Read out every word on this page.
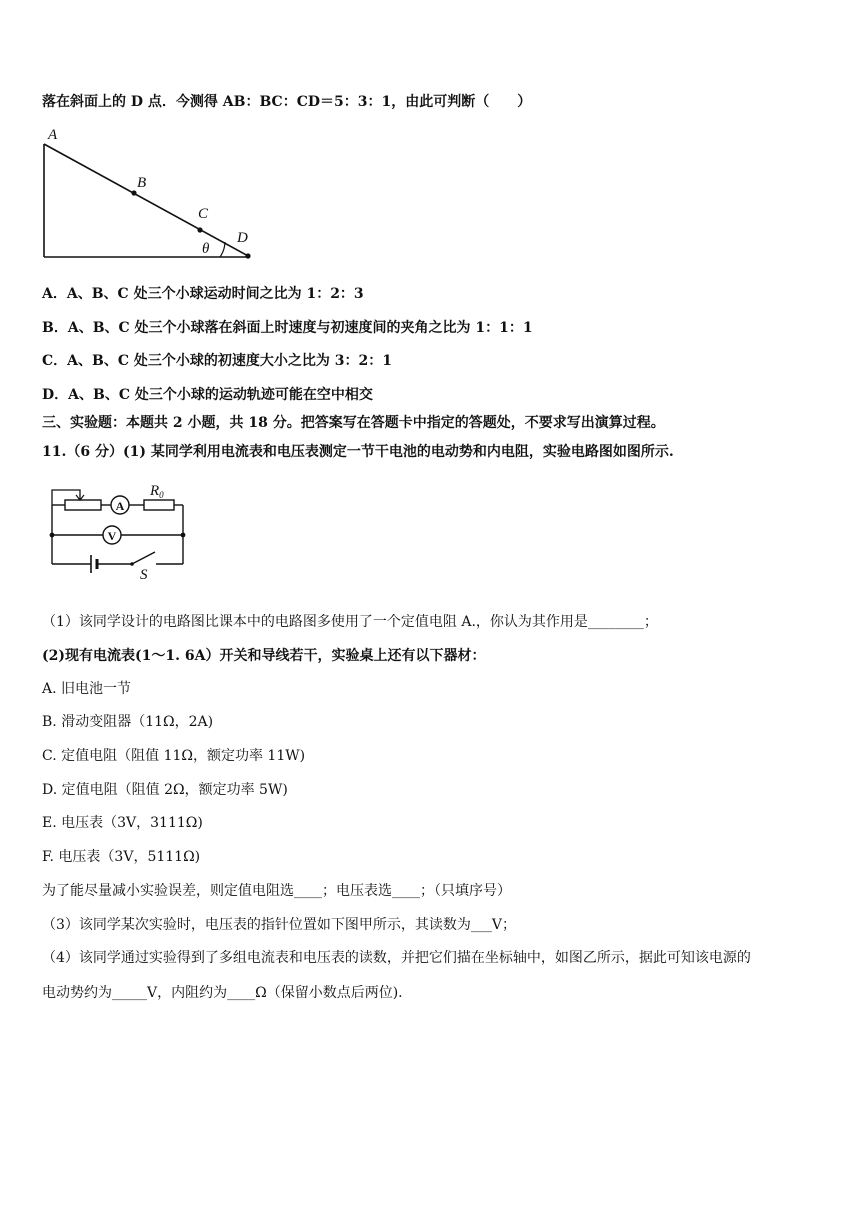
落在斜面上的 D 点．今测得 AB：BC：CD＝5：3：1，由此可判断（　　）
A
B
C
D
θ
A．A、B、C 处三个小球运动时间之比为 1：2：3
B．A、B、C 处三个小球落在斜面上时速度与初速度间的夹角之比为 1：1：1
C．A、B、C 处三个小球的初速度大小之比为 3：2：1
D．A、B、C 处三个小球的运动轨迹可能在空中相交
三、实验题：本题共 2 小题，共 18 分。把答案写在答题卡中指定的答题处，不要求写出演算过程。
11.（6 分）(1) 某同学利用电流表和电压表测定一节干电池的电动势和内电阻，实验电路图如图所示.
A
$R_0$
V
S
（1）该同学设计的电路图比课本中的电路图多使用了一个定值电阻 A.，你认为其作用是________；
(2)现有电流表(1～1. 6A）开关和导线若干，实验桌上还有以下器材：
A. 旧电池一节
B. 滑动变阻器（11Ω，2A)
C. 定值电阻（阻值 11Ω，额定功率 11W)
D. 定值电阻（阻值 2Ω，额定功率 5W)
E. 电压表（3V，3111Ω)
F. 电压表（3V，5111Ω)
为了能尽量减小实验误差，则定值电阻选____；电压表选____；（只填序号）
（3）该同学某次实验时，电压表的指针位置如下图甲所示，其读数为___V；
（4）该同学通过实验得到了多组电流表和电压表的读数，并把它们描在坐标轴中，如图乙所示，据此可知该电源的
电动势约为_____V，内阻约为____Ω（保留小数点后两位).
